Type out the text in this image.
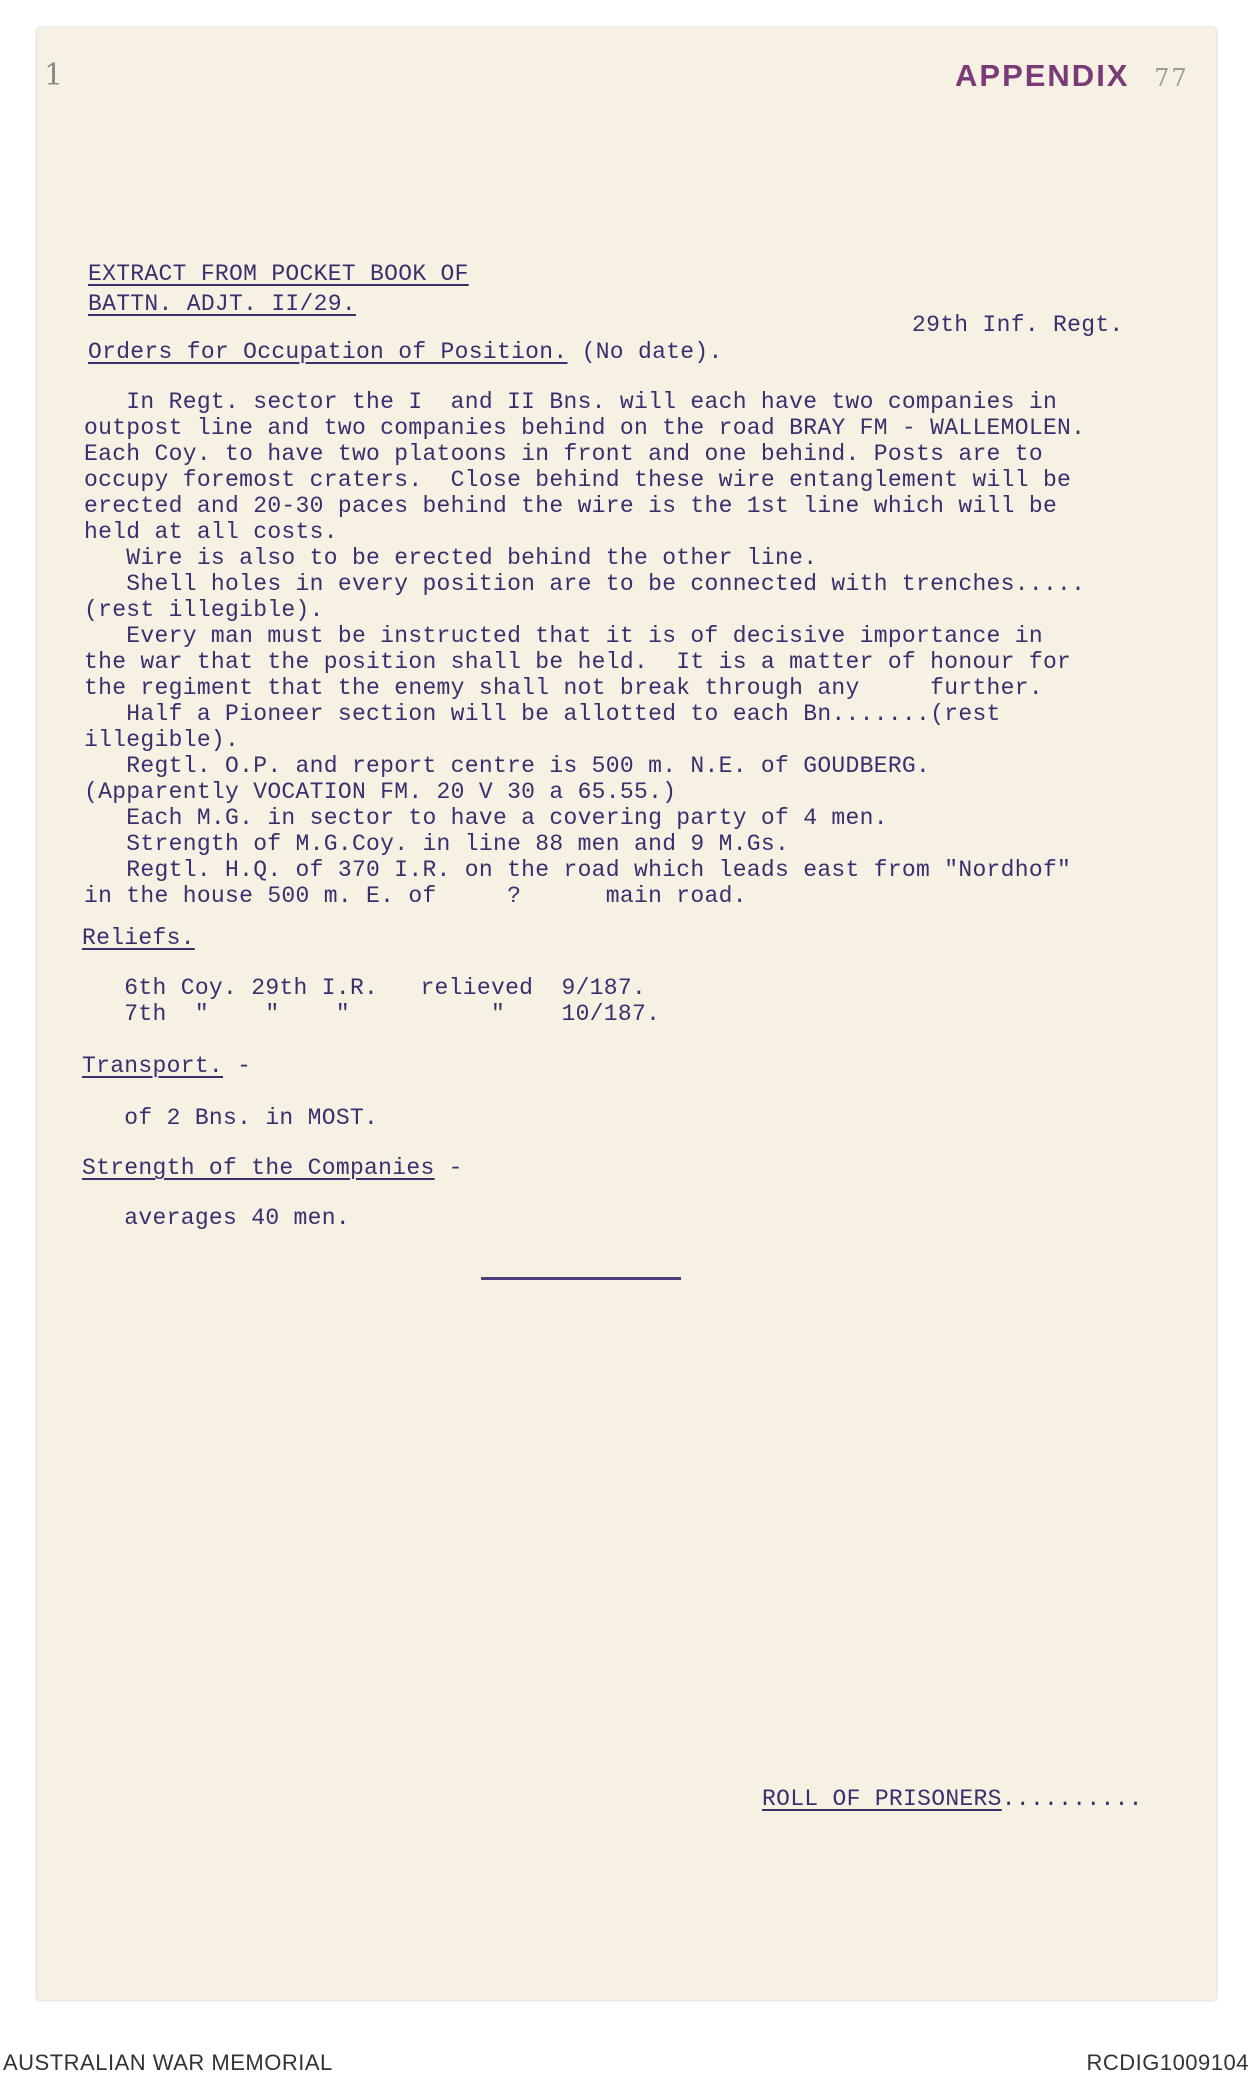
1	APPENDIX 77
EXTRACT FROM POCKET BOOK OF
BATTN. ADJT. II/29.
29th Inf. Regt.
Orders for Occupation of Position. (No date).
In Regt. sector the I  and II Bns. will each have two companies in
outpost line and two companies behind on the road BRAY FM - WALLEMOLEN.
Each Coy. to have two platoons in front and one behind. Posts are to
occupy foremost craters.  Close behind these wire entanglement will be
erected and 20-30 paces behind the wire is the 1st line which will be
held at all costs.
Wire is also to be erected behind the other line.
Shell holes in every position are to be connected with trenches.....
(rest illegible).
Every man must be instructed that it is of decisive importance in
the war that the position shall be held.  It is a matter of honour for
the regiment that the enemy shall not break through any     further.
Half a Pioneer section will be allotted to each Bn.......(rest
illegible).
Regtl. O.P. and report centre is 500 m. N.E. of GOUDBERG.
(Apparently VOCATION FM. 20 V 30 a 65.55.)
Each M.G. in sector to have a covering party of 4 men.
Strength of M.G.Coy. in line 88 men and 9 M.Gs.
Regtl. H.Q. of 370 I.R. on the road which leads east from "Nordhof"
in the house 500 m. E. of     ?      main road.
Reliefs.
6th Coy. 29th I.R.   relieved  9/187.
7th  "    "    "          "    10/187.
Transport. -
of 2 Bns. in MOST.
Strength of the Companies -
averages 40 men.
ROLL OF PRISONERS..........
AUSTRALIAN WAR MEMORIAL	RCDIG1009104
